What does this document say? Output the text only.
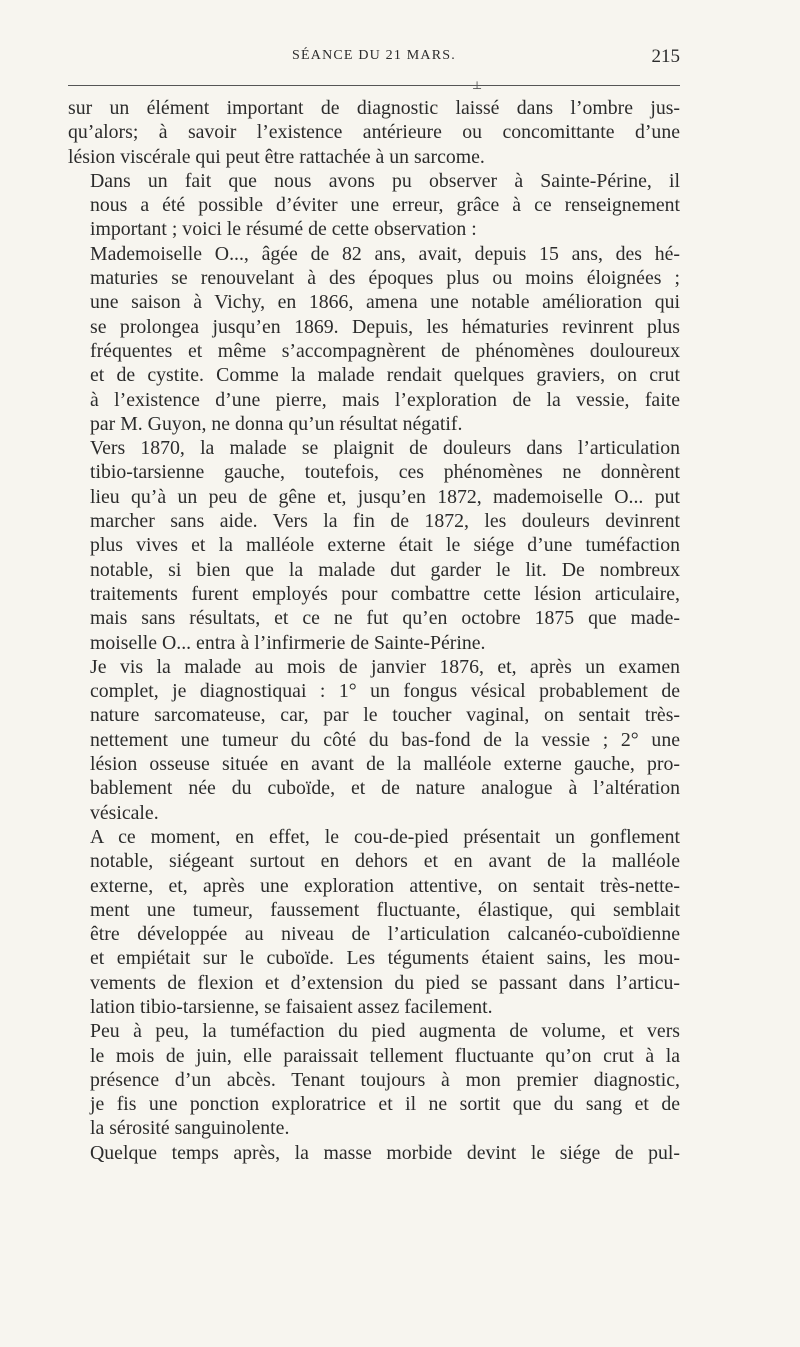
SÉANCE DU 21 MARS.	215
⊥
sur un élément important de diagnostic laissé dans l’ombre jus-
qu’alors; à savoir l’existence antérieure ou concomittante d’une
lésion viscérale qui peut être rattachée à un sarcome.
Dans un fait que nous avons pu observer à Sainte-Périne, il
nous a été possible d’éviter une erreur, grâce à ce renseignement
important ; voici le résumé de cette observation :
Mademoiselle O..., âgée de 82 ans, avait, depuis 15 ans, des hé-
maturies se renouvelant à des époques plus ou moins éloignées ;
une saison à Vichy, en 1866, amena une notable amélioration qui
se prolongea jusqu’en 1869. Depuis, les hématuries revinrent plus
fréquentes et même s’accompagnèrent de phénomènes douloureux
et de cystite. Comme la malade rendait quelques graviers, on crut
à l’existence d’une pierre, mais l’exploration de la vessie, faite
par M. Guyon, ne donna qu’un résultat négatif.
Vers 1870, la malade se plaignit de douleurs dans l’articulation
tibio-tarsienne gauche, toutefois, ces phénomènes ne donnèrent
lieu qu’à un peu de gêne et, jusqu’en 1872, mademoiselle O... put
marcher sans aide. Vers la fin de 1872, les douleurs devinrent
plus vives et la malléole externe était le siége d’une tuméfaction
notable, si bien que la malade dut garder le lit. De nombreux
traitements furent employés pour combattre cette lésion articulaire,
mais sans résultats, et ce ne fut qu’en octobre 1875 que made-
moiselle O... entra à l’infirmerie de Sainte-Périne.
Je vis la malade au mois de janvier 1876, et, après un examen
complet, je diagnostiquai : 1° un fongus vésical probablement de
nature sarcomateuse, car, par le toucher vaginal, on sentait très-
nettement une tumeur du côté du bas-fond de la vessie ; 2° une
lésion osseuse située en avant de la malléole externe gauche, pro-
bablement née du cuboïde, et de nature analogue à l’altération
vésicale.
A ce moment, en effet, le cou-de-pied présentait un gonflement
notable, siégeant surtout en dehors et en avant de la malléole
externe, et, après une exploration attentive, on sentait très-nette-
ment une tumeur, faussement fluctuante, élastique, qui semblait
être développée au niveau de l’articulation calcanéo-cuboïdienne
et empiétait sur le cuboïde. Les téguments étaient sains, les mou-
vements de flexion et d’extension du pied se passant dans l’articu-
lation tibio-tarsienne, se faisaient assez facilement.
Peu à peu, la tuméfaction du pied augmenta de volume, et vers
le mois de juin, elle paraissait tellement fluctuante qu’on crut à la
présence d’un abcès. Tenant toujours à mon premier diagnostic,
je fis une ponction exploratrice et il ne sortit que du sang et de
la sérosité sanguinolente.
Quelque temps après, la masse morbide devint le siége de pul-
